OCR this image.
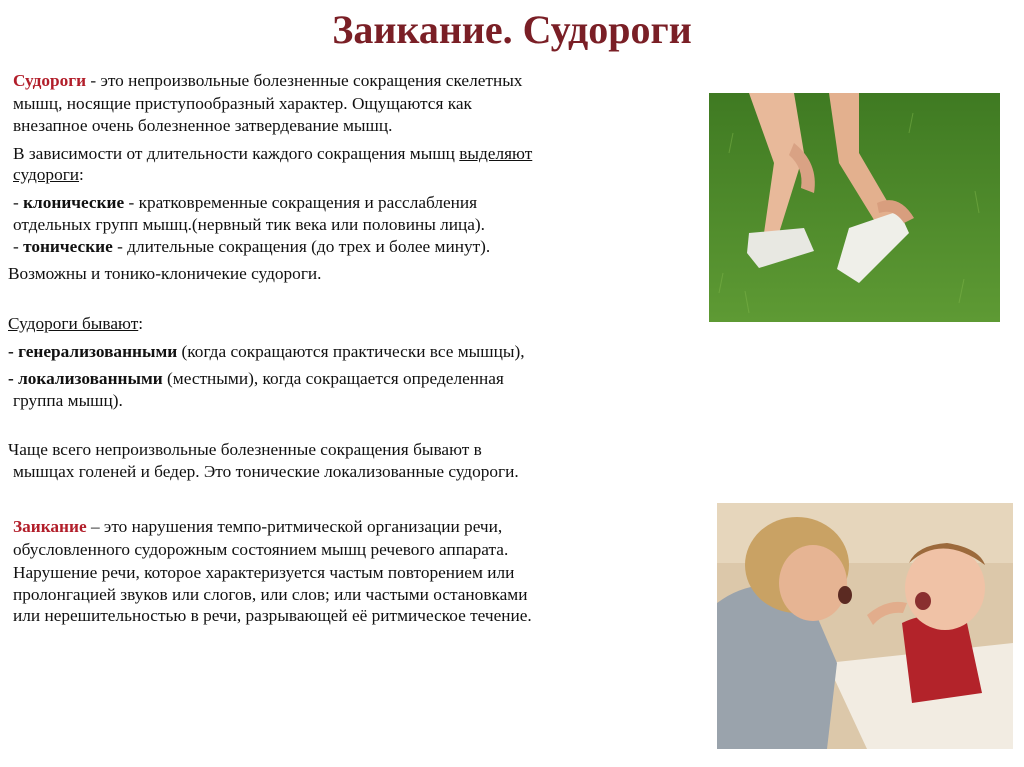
Заикание. Судороги
Судороги - это непроизвольные болезненные сокращения скелетных
мышц, носящие приступообразный характер. Ощущаются как
внезапное очень болезненное затвердевание мышц.
В зависимости от длительности каждого сокращения мышц выделяют
судороги:
- клонические - кратковременные сокращения и расслабления
отдельных групп мышц.(нервный тик века или половины лица).
- тонические - длительные сокращения (до трех и более минут).
Возможны и тонико-клоничекие судороги.
Судороги бывают:
- генерализованными (когда сокращаются практически все мышцы),
- локализованными (местными), когда сокращается определенная
группа мышц).
Чаще всего непроизвольные болезненные сокращения бывают в
мышцах голеней и бедер. Это тонические локализованные судороги.
Заикание – это нарушения темпо-ритмической организации речи,
обусловленного судорожным состоянием мышц речевого аппарата.
Нарушение речи, которое характеризуется частым повторением или
пролонгацией звуков или слогов, или слов; или частыми остановками
или нерешительностью в речи, разрывающей её ритмическое течение.
